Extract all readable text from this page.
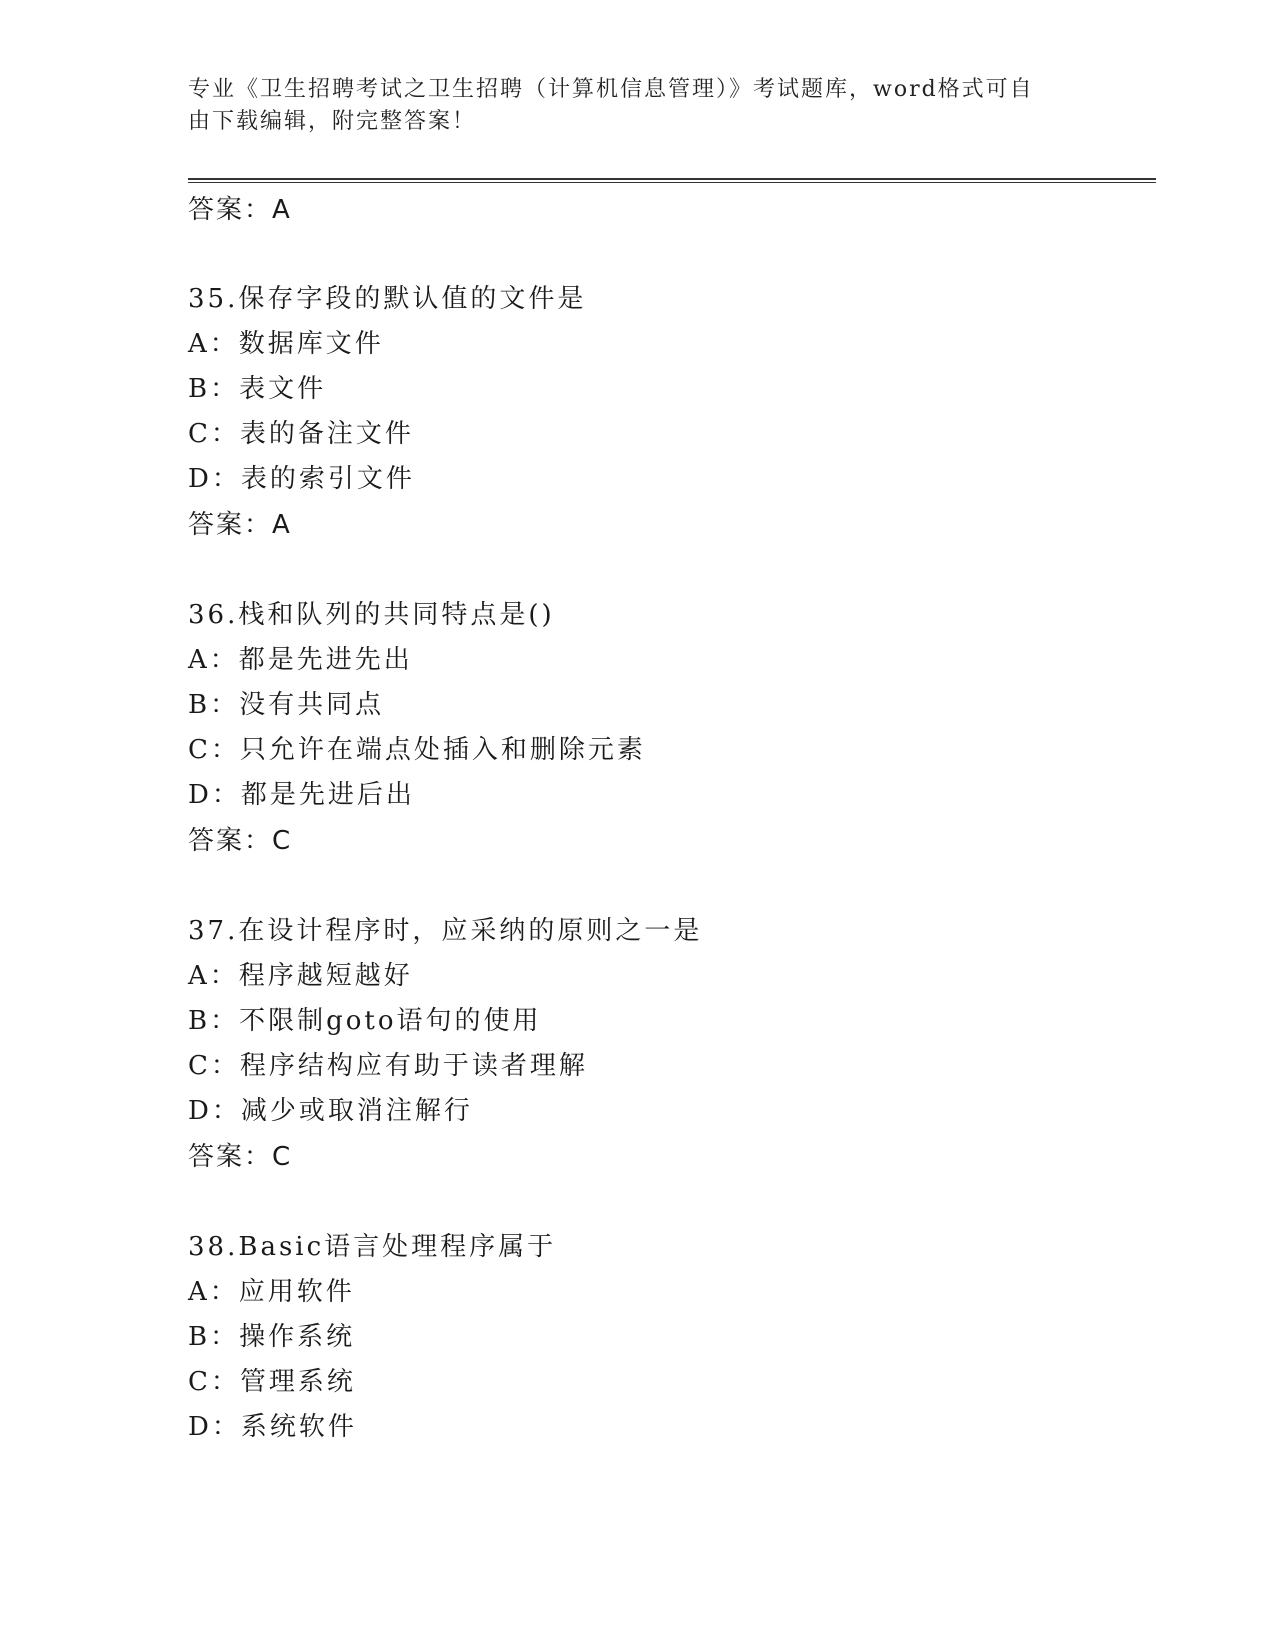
专业《卫生招聘考试之卫生招聘（计算机信息管理）》考试题库，word格式可自
由下载编辑，附完整答案！
答案：A
35.保存字段的默认值的文件是
A：数据库文件
B：表文件
C：表的备注文件
D：表的索引文件
答案：A
36.栈和队列的共同特点是()
A：都是先进先出
B：没有共同点
C：只允许在端点处插入和删除元素
D：都是先进后出
答案：C
37.在设计程序时，应采纳的原则之一是
A：程序越短越好
B：不限制goto语句的使用
C：程序结构应有助于读者理解
D：减少或取消注解行
答案：C
38.Basic语言处理程序属于
A：应用软件
B：操作系统
C：管理系统
D：系统软件
